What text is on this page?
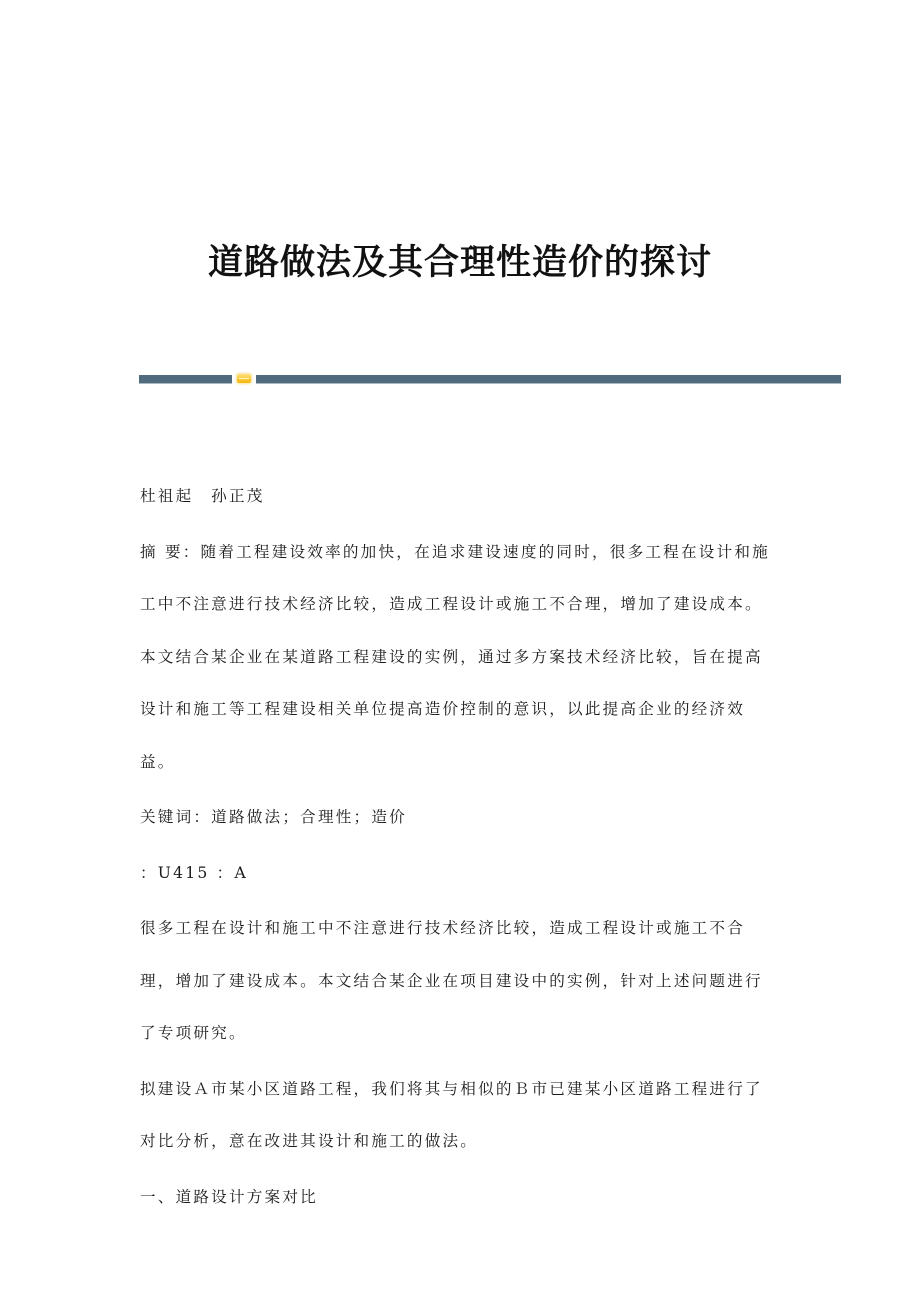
道路做法及其合理性造价的探讨

杜祖起　孙正茂

摘 要：随着工程建设效率的加快，在追求建设速度的同时，很多工程在设计和施工中不注意进行技术经济比较，造成工程设计或施工不合理，增加了建设成本。本文结合某企业在某道路工程建设的实例，通过多方案技术经济比较，旨在提高设计和施工等工程建设相关单位提高造价控制的意识，以此提高企业的经济效益。

关键词：道路做法；合理性；造价

：U415 ：A

很多工程在设计和施工中不注意进行技术经济比较，造成工程设计或施工不合理，增加了建设成本。本文结合某企业在项目建设中的实例，针对上述问题进行了专项研究。

拟建设Ａ市某小区道路工程，我们将其与相似的Ｂ市已建某小区道路工程进行了对比分析，意在改进其设计和施工的做法。

一、道路设计方案对比
